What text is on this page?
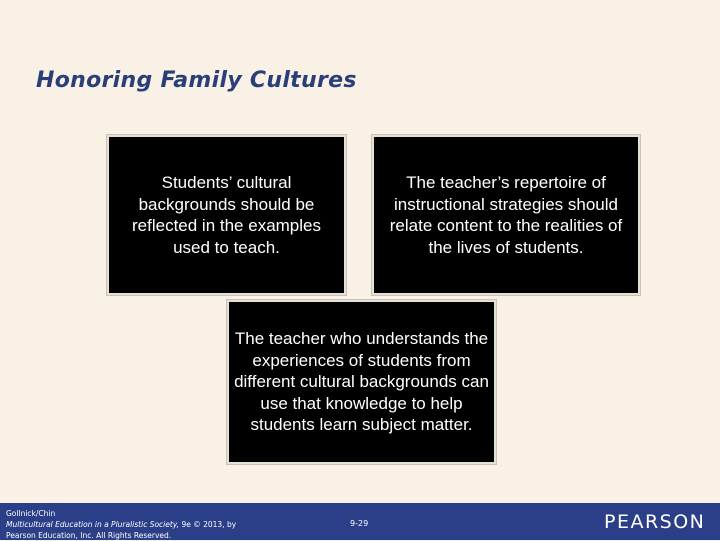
Honoring Family Cultures
Students’ cultural backgrounds should be reflected in the examples used to teach.
The teacher’s repertoire of instructional strategies should relate content to the realities of the lives of students.
The teacher who understands the experiences of students from different cultural backgrounds can use that knowledge to help students learn subject matter.
Gollnick/Chin
Multicultural Education in a Pluralistic Society, 9e © 2013, by
Pearson Education, Inc. All Rights Reserved.
9-29	PEARSON
